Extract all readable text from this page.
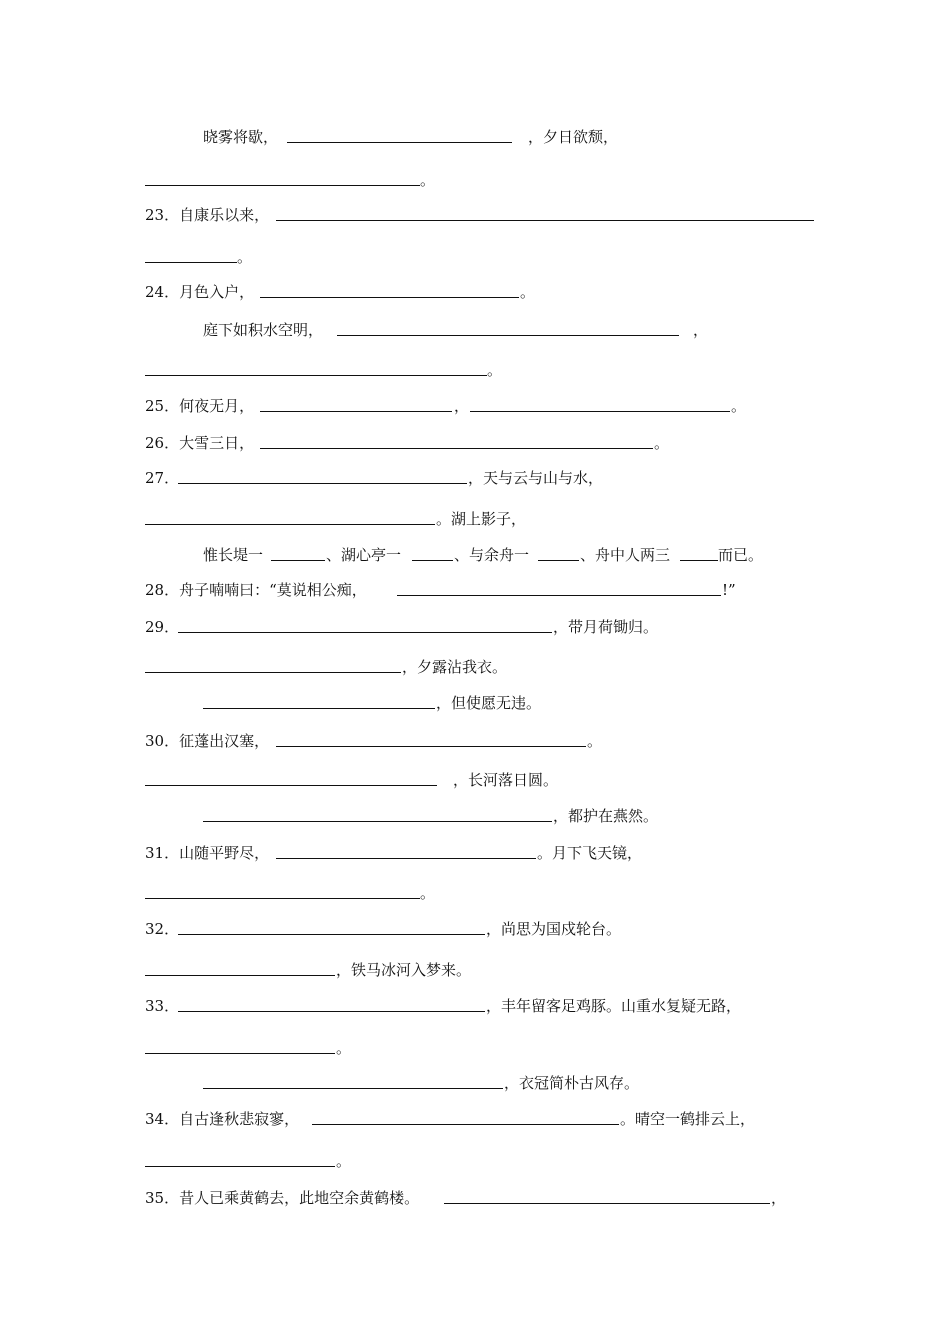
晓雾将歇，	，夕日欲颓，
。
23．自康乐以来，
。
24．月色入户，	。
庭下如积水空明，	，
。
25．何夜无月，	，	。
26．大雪三日，	。
27．	，天与云与山与水，
。湖上影子，
惟长堤一	、湖心亭一	、与余舟一	、舟中人两三	而已。
28．舟子喃喃曰：“莫说相公痴，	!”
29．	，带月荷锄归。
，夕露沾我衣。
，但使愿无违。
30．征蓬出汉塞，	。
，长河落日圆。
，都护在燕然。
31．山随平野尽，	。月下飞天镜，
。
32．	，尚思为国戍轮台。
，铁马冰河入梦来。
33．	，丰年留客足鸡豚。山重水复疑无路，
。
，衣冠简朴古风存。
34．自古逢秋悲寂寥，	。晴空一鹤排云上，
。
35．昔人已乘黄鹤去，此地空余黄鹤楼。	，
